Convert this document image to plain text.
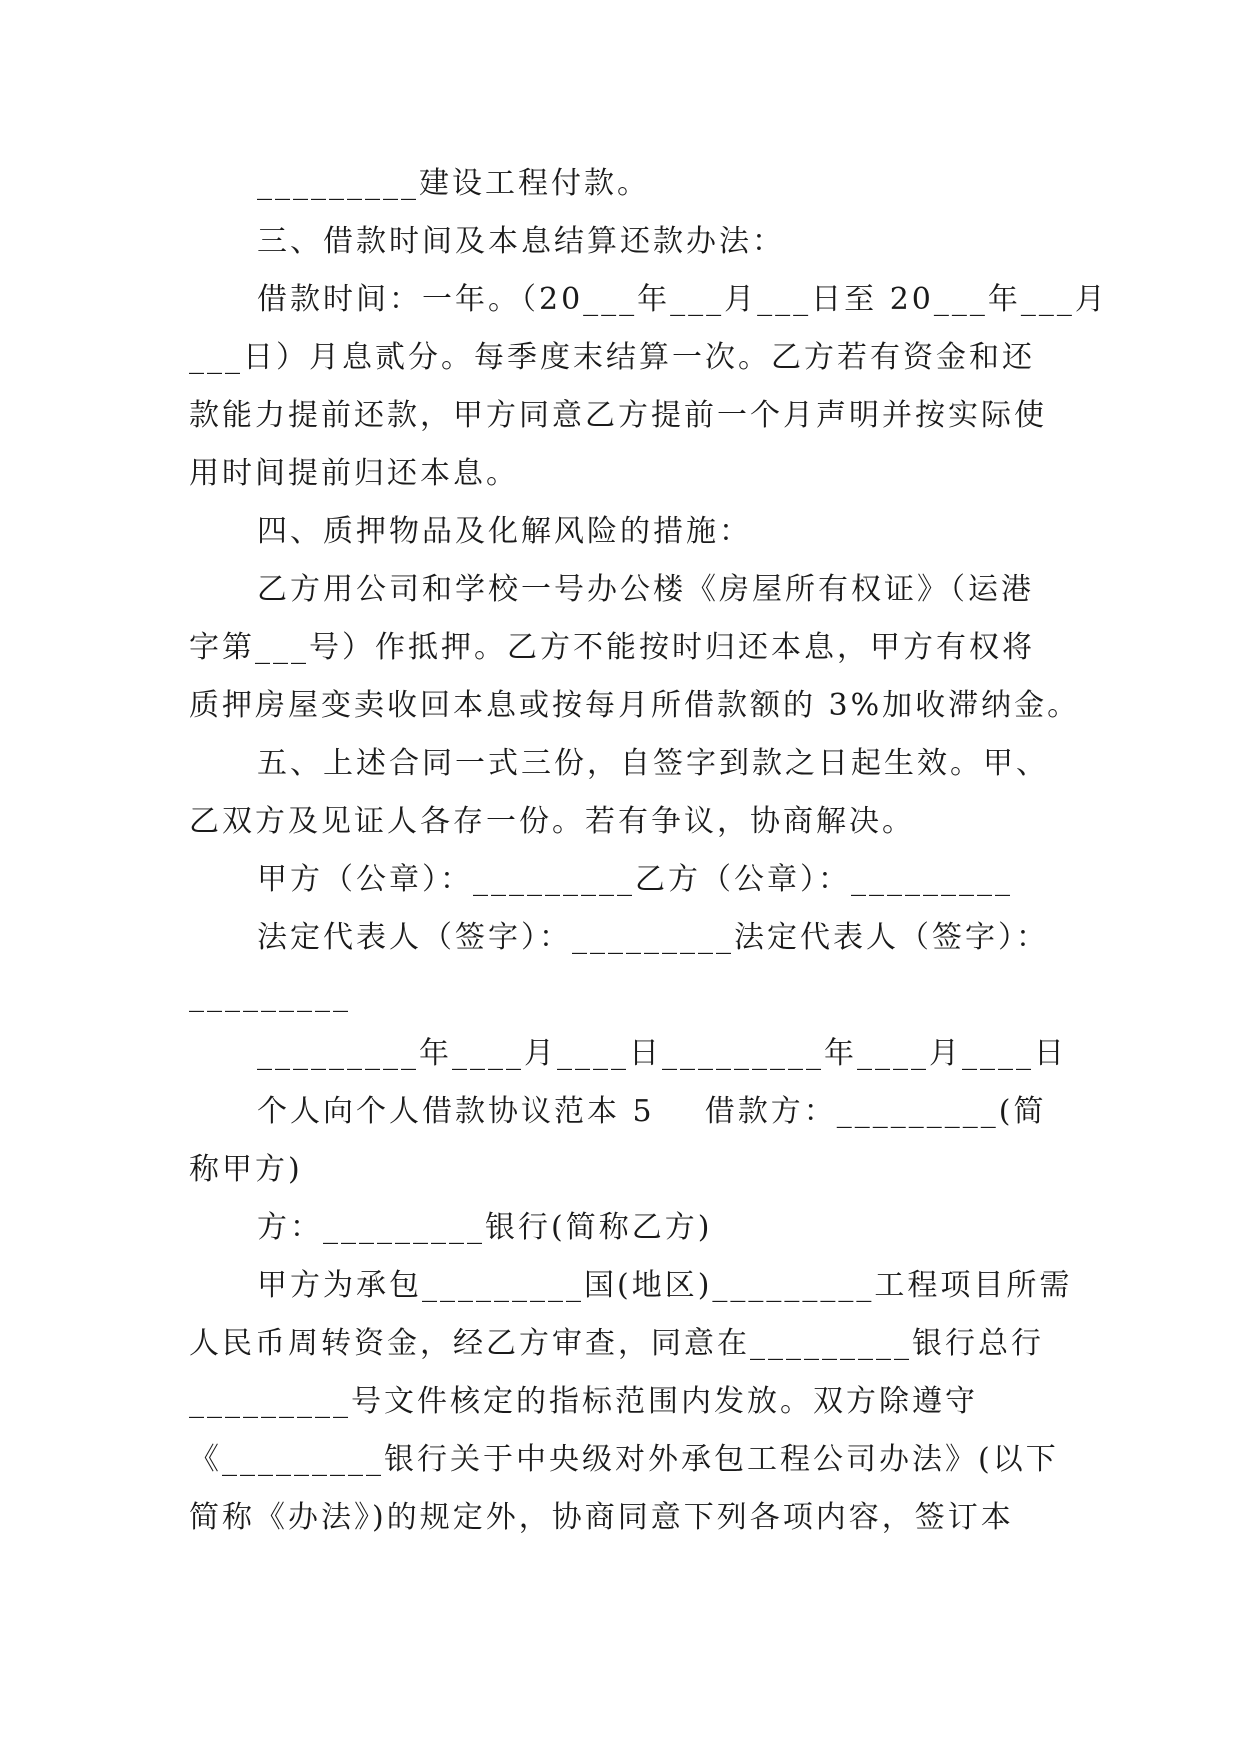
_________建设工程付款。
三、借款时间及本息结算还款办法：
借款时间：一年。（20___年___月___日至 20___年___月
___日）月息贰分。每季度末结算一次。乙方若有资金和还
款能力提前还款，甲方同意乙方提前一个月声明并按实际使
用时间提前归还本息。
四、质押物品及化解风险的措施：
乙方用公司和学校一号办公楼《房屋所有权证》（运港
字第___号）作抵押。乙方不能按时归还本息，甲方有权将
质押房屋变卖收回本息或按每月所借款额的 3%加收滞纳金。
五、上述合同一式三份，自签字到款之日起生效。甲、
乙双方及见证人各存一份。若有争议，协商解决。
甲方（公章）：_________乙方（公章）：_________
法定代表人（签字）：_________法定代表人（签字）：
_________
_________年____月____日_________年____月____日
个人向个人借款协议范本 5    借款方：_________(简
称甲方)
方：_________银行(简称乙方)
甲方为承包_________国(地区)_________工程项目所需
人民币周转资金，经乙方审查，同意在_________银行总行
_________号文件核定的指标范围内发放。双方除遵守
《_________银行关于中央级对外承包工程公司办法》(以下
简称《办法》)的规定外，协商同意下列各项内容，签订本
